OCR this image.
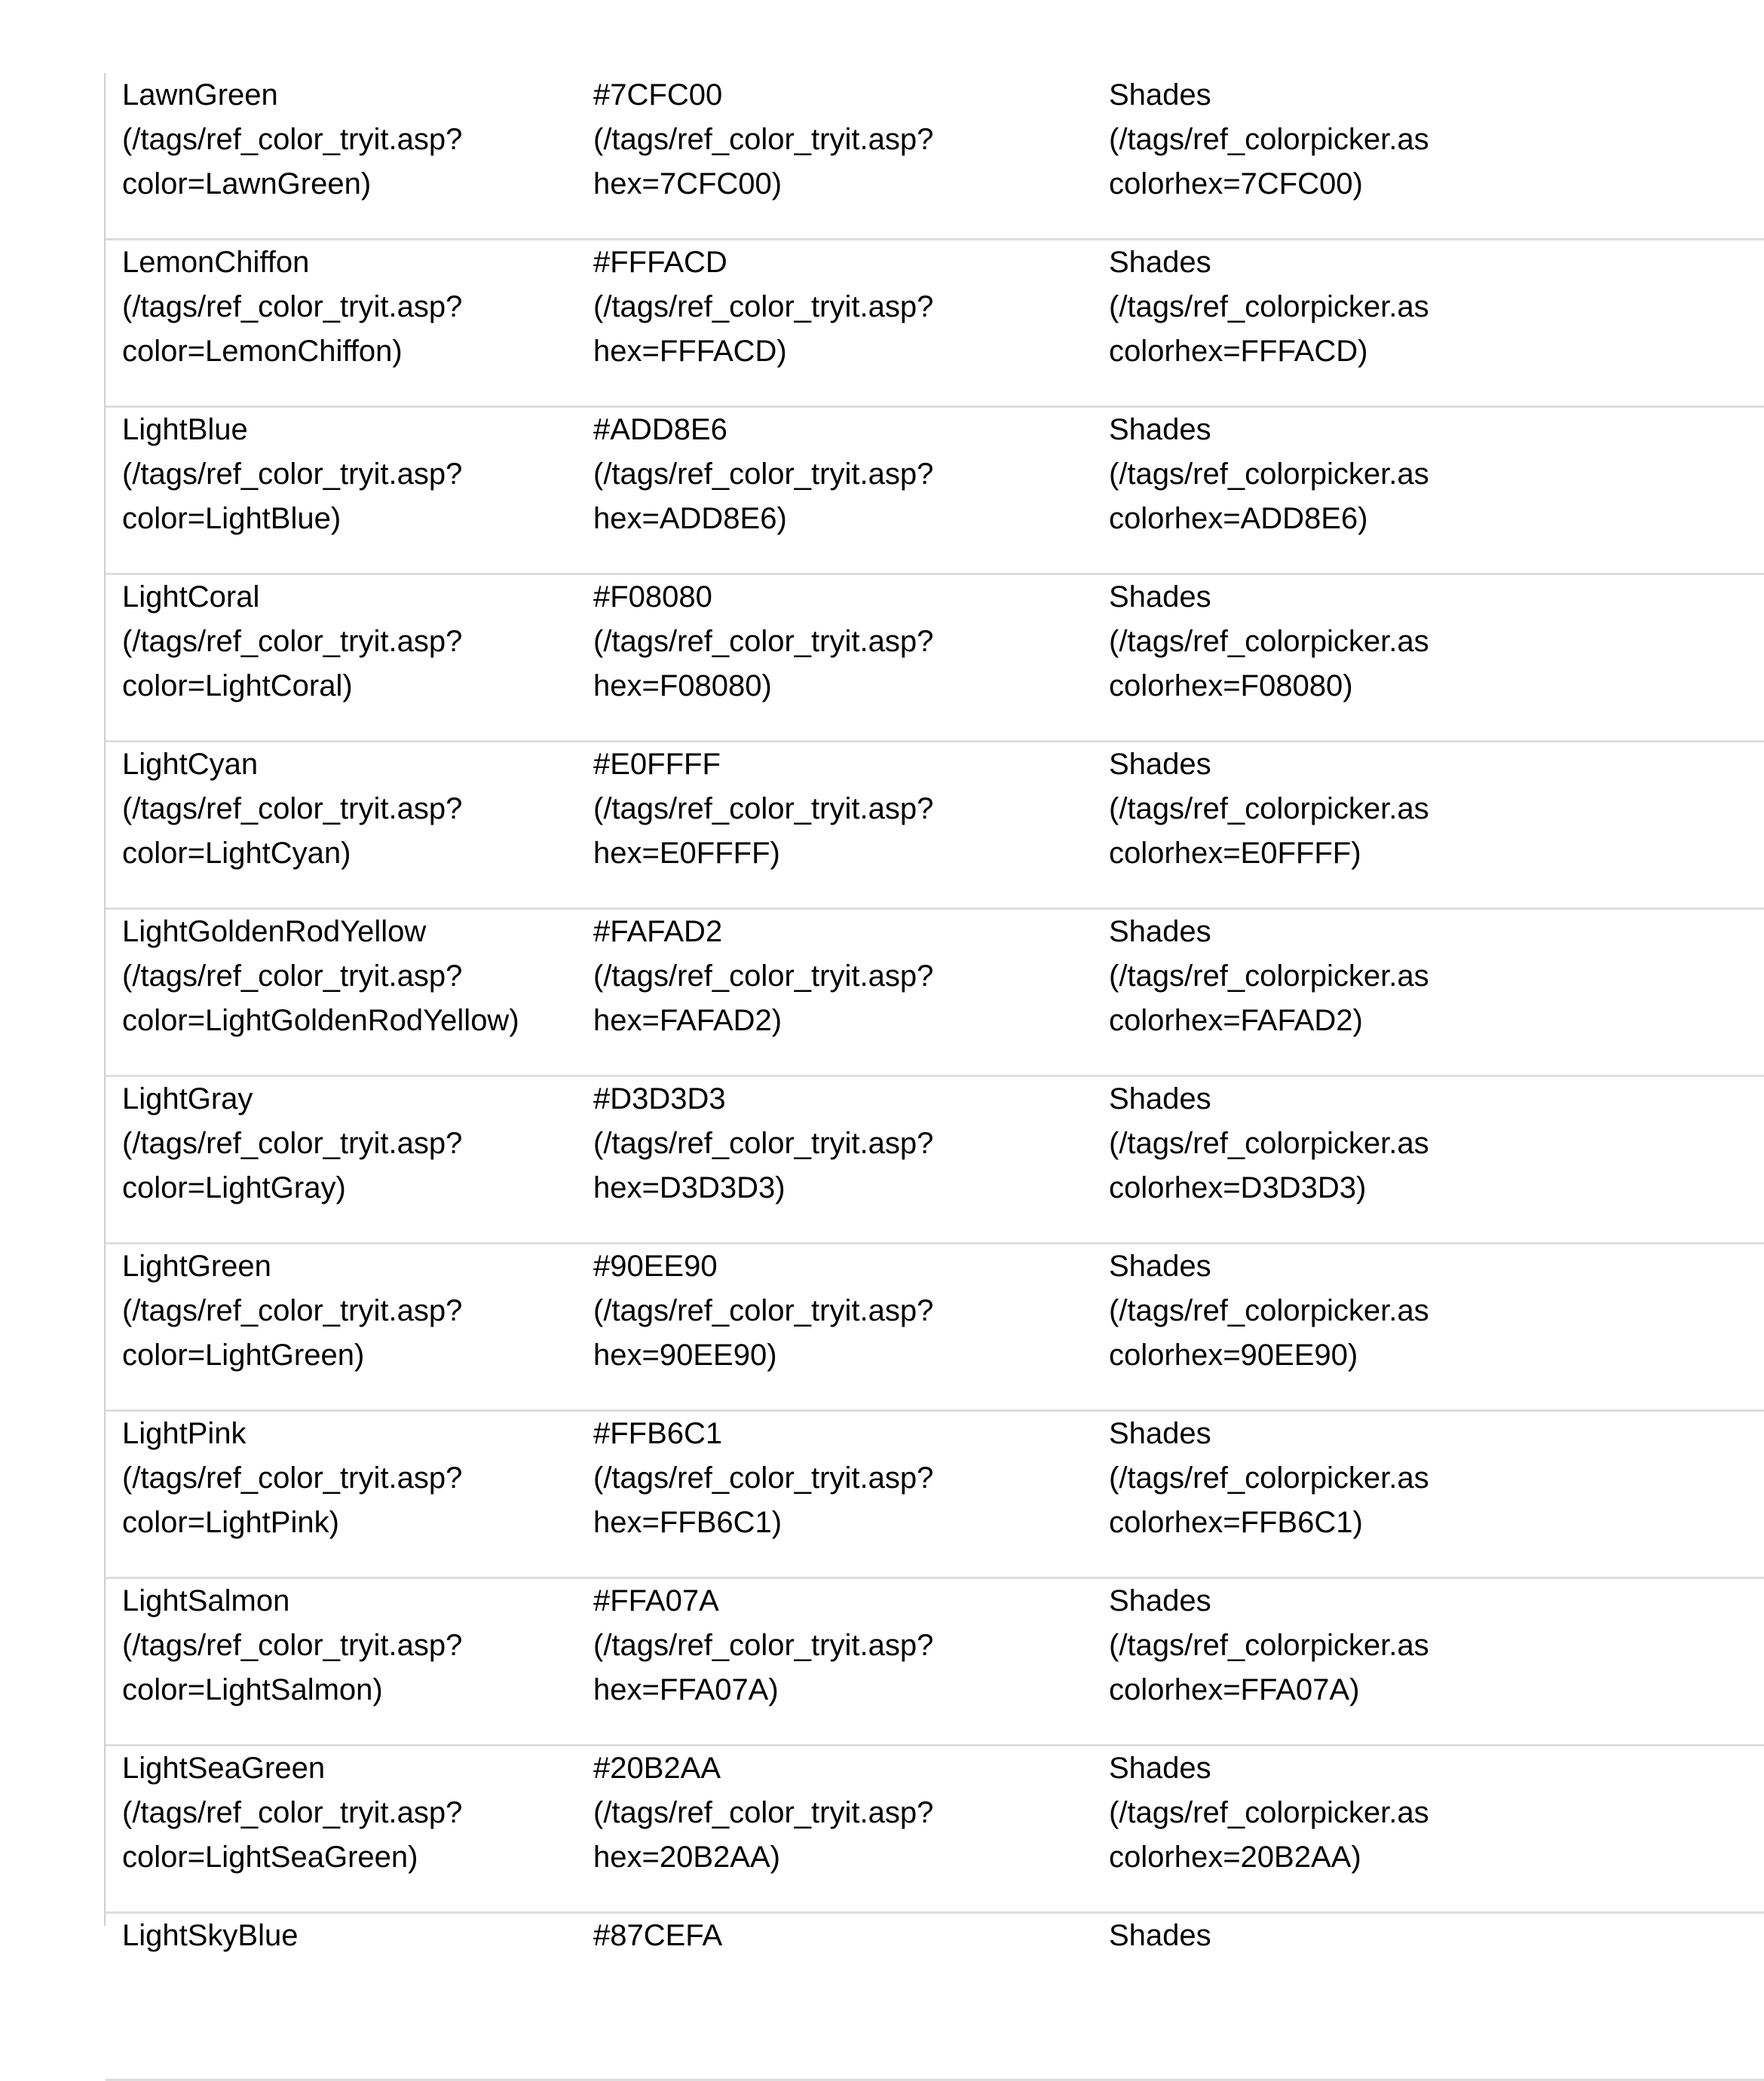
LawnGreen
(/tags/ref_color_tryit.asp?
color=LawnGreen)
#7CFC00
(/tags/ref_color_tryit.asp?
hex=7CFC00)
Shades
(/tags/ref_colorpicker.as
colorhex=7CFC00)
LemonChiffon
(/tags/ref_color_tryit.asp?
color=LemonChiffon)
#FFFACD
(/tags/ref_color_tryit.asp?
hex=FFFACD)
Shades
(/tags/ref_colorpicker.as
colorhex=FFFACD)
LightBlue
(/tags/ref_color_tryit.asp?
color=LightBlue)
#ADD8E6
(/tags/ref_color_tryit.asp?
hex=ADD8E6)
Shades
(/tags/ref_colorpicker.as
colorhex=ADD8E6)
LightCoral
(/tags/ref_color_tryit.asp?
color=LightCoral)
#F08080
(/tags/ref_color_tryit.asp?
hex=F08080)
Shades
(/tags/ref_colorpicker.as
colorhex=F08080)
LightCyan
(/tags/ref_color_tryit.asp?
color=LightCyan)
#E0FFFF
(/tags/ref_color_tryit.asp?
hex=E0FFFF)
Shades
(/tags/ref_colorpicker.as
colorhex=E0FFFF)
LightGoldenRodYellow
(/tags/ref_color_tryit.asp?
color=LightGoldenRodYellow)
#FAFAD2
(/tags/ref_color_tryit.asp?
hex=FAFAD2)
Shades
(/tags/ref_colorpicker.as
colorhex=FAFAD2)
LightGray
(/tags/ref_color_tryit.asp?
color=LightGray)
#D3D3D3
(/tags/ref_color_tryit.asp?
hex=D3D3D3)
Shades
(/tags/ref_colorpicker.as
colorhex=D3D3D3)
LightGreen
(/tags/ref_color_tryit.asp?
color=LightGreen)
#90EE90
(/tags/ref_color_tryit.asp?
hex=90EE90)
Shades
(/tags/ref_colorpicker.as
colorhex=90EE90)
LightPink
(/tags/ref_color_tryit.asp?
color=LightPink)
#FFB6C1
(/tags/ref_color_tryit.asp?
hex=FFB6C1)
Shades
(/tags/ref_colorpicker.as
colorhex=FFB6C1)
LightSalmon
(/tags/ref_color_tryit.asp?
color=LightSalmon)
#FFA07A
(/tags/ref_color_tryit.asp?
hex=FFA07A)
Shades
(/tags/ref_colorpicker.as
colorhex=FFA07A)
LightSeaGreen
(/tags/ref_color_tryit.asp?
color=LightSeaGreen)
#20B2AA
(/tags/ref_color_tryit.asp?
hex=20B2AA)
Shades
(/tags/ref_colorpicker.as
colorhex=20B2AA)
LightSkyBlue	#87CEFA	Shades
